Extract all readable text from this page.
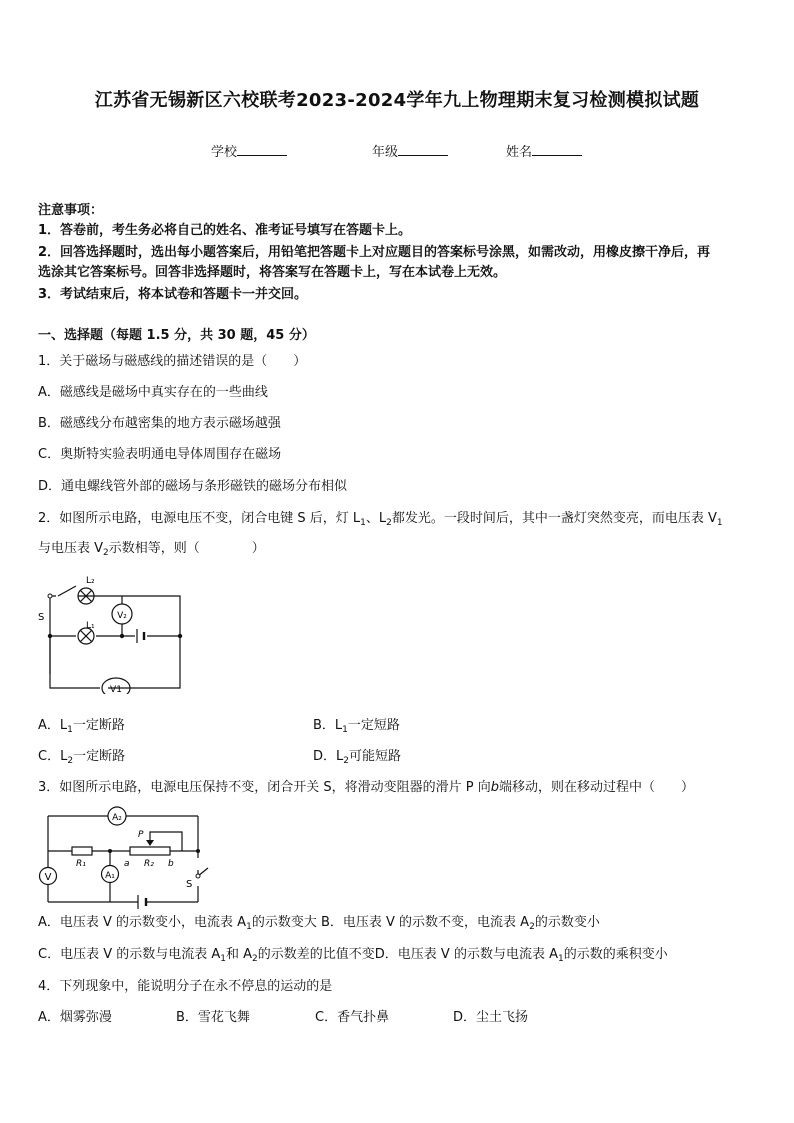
江苏省无锡新区六校联考2023-2024学年九上物理期末复习检测模拟试题
学校	年级	姓名
注意事项：
1．答卷前，考生务必将自己的姓名、准考证号填写在答题卡上。
2．回答选择题时，选出每小题答案后，用铅笔把答题卡上对应题目的答案标号涂黑，如需改动，用橡皮擦干净后，再
选涂其它答案标号。回答非选择题时，将答案写在答题卡上，写在本试卷上无效。
3．考试结束后，将本试卷和答题卡一并交回。
一、选择题（每题 1.5 分，共 30 题，45 分）
1．关于磁场与磁感线的描述错误的是（　　）
A．磁感线是磁场中真实存在的一些曲线
B．磁感线分布越密集的地方表示磁场越强
C．奥斯特实验表明通电导体周围存在磁场
D．通电螺线管外部的磁场与条形磁铁的磁场分布相似
2．如图所示电路，电源电压不变，闭合电键 S 后，灯 $L_1$、$L_2$都发光。一段时间后，其中一盏灯突然变亮，而电压表 $V_1$
与电压表 $V_2$示数相等，则（　　　　）
L₂
L₁
S	V₂
V1
A．$L_1$一定断路	B．$L_1$一定短路
C．$L_2$一定断路	D．$L_2$可能短路
3．如图所示电路，电源电压保持不变，闭合开关 S，将滑动变阻器的滑片 P 向b端移动，则在移动过程中（　　）
A₂
A₁
V
R₁	R₂
P
a	b
S
A．电压表 V 的示数变小，电流表 $A_1$的示数变大 B．电压表 V 的示数不变，电流表 $A_2$的示数变小
C．电压表 V 的示数与电流表 $A_1$和 $A_2$的示数差的比值不变D．电压表 V 的示数与电流表 $A_1$的示数的乘积变小
4．下列现象中，能说明分子在永不停息的运动的是
A．烟雾弥漫	B．雪花飞舞	C．香气扑鼻	D．尘土飞扬
